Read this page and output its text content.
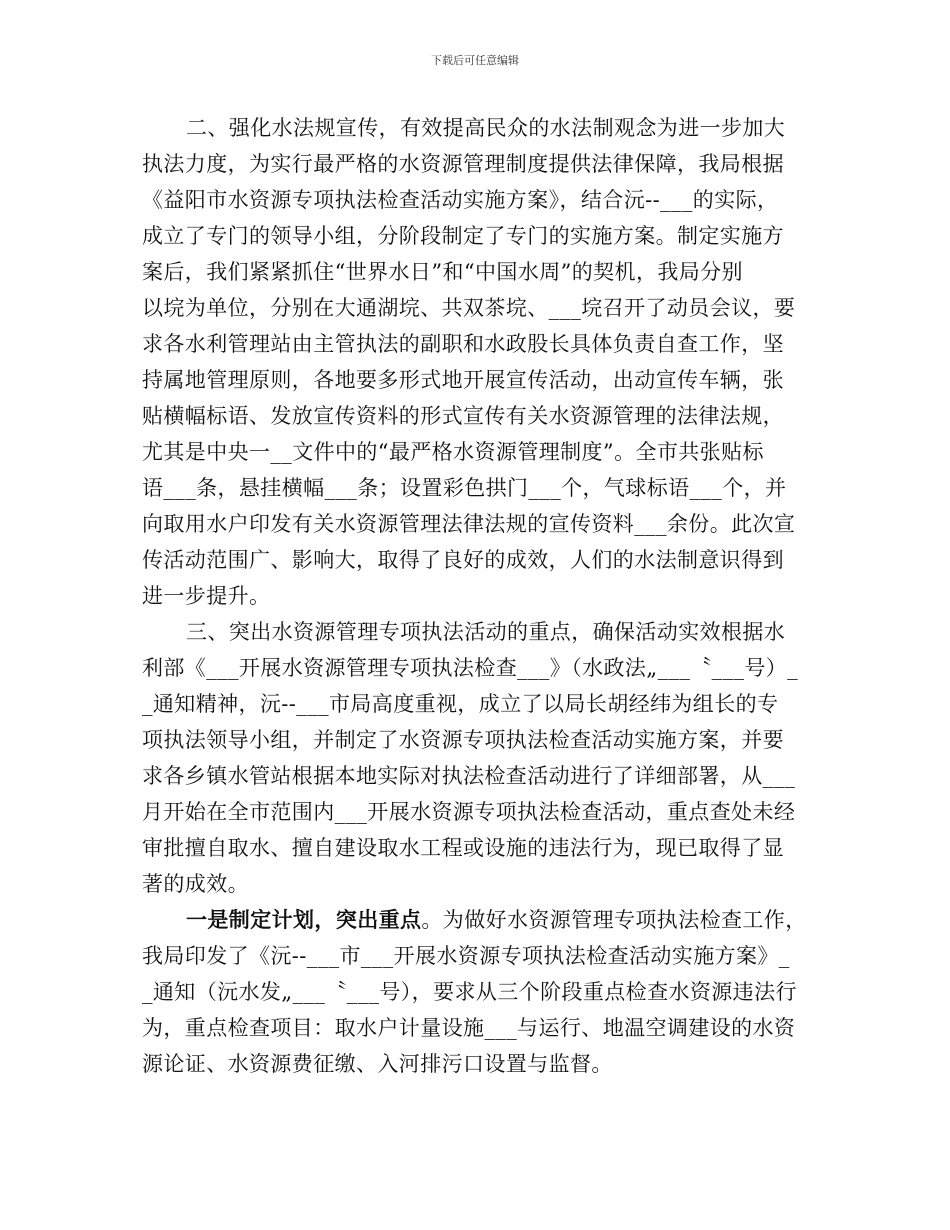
下载后可任意编辑
二、强化水法规宣传，有效提高民众的水法制观念为进一步加大
执法力度，为实行最严格的水资源管理制度提供法律保障，我局根据
《益阳市水资源专项执法检查活动实施方案》，结合沅--___的实际，
成立了专门的领导小组，分阶段制定了专门的实施方案。制定实施方
案后，我们紧紧抓住“世界水日”和“中国水周”的契机，我局分别
以垸为单位，分别在大通湖垸、共双茶垸、___垸召开了动员会议，要
求各水利管理站由主管执法的副职和水政股长具体负责自查工作，坚
持属地管理原则，各地要多形式地开展宣传活动，出动宣传车辆，张
贴横幅标语、发放宣传资料的形式宣传有关水资源管理的法律法规，
尤其是中央一__文件中的“最严格水资源管理制度”。全市共张贴标
语___条，悬挂横幅___条；设置彩色拱门___个，气球标语___个，并
向取用水户印发有关水资源管理法律法规的宣传资料___余份。此次宣
传活动范围广、影响大，取得了良好的成效，人们的水法制意识得到
进一步提升。
三、突出水资源管理专项执法活动的重点，确保活动实效根据水
利部《___开展水资源管理专项执法检查___》（水政法„___〝___号）_
_通知精神，沅--___市局高度重视，成立了以局长胡经纬为组长的专
项执法领导小组，并制定了水资源专项执法检查活动实施方案，并要
求各乡镇水管站根据本地实际对执法检查活动进行了详细部署，从___
月开始在全市范围内___开展水资源专项执法检查活动，重点查处未经
审批擅自取水、擅自建设取水工程或设施的违法行为，现已取得了显
著的成效。
一是制定计划，突出重点。为做好水资源管理专项执法检查工作，
我局印发了《沅--___市___开展水资源专项执法检查活动实施方案》_
_通知（沅水发„___〝___号），要求从三个阶段重点检查水资源违法行
为，重点检查项目：取水户计量设施___与运行、地温空调建设的水资
源论证、水资源费征缴、入河排污口设置与监督。
